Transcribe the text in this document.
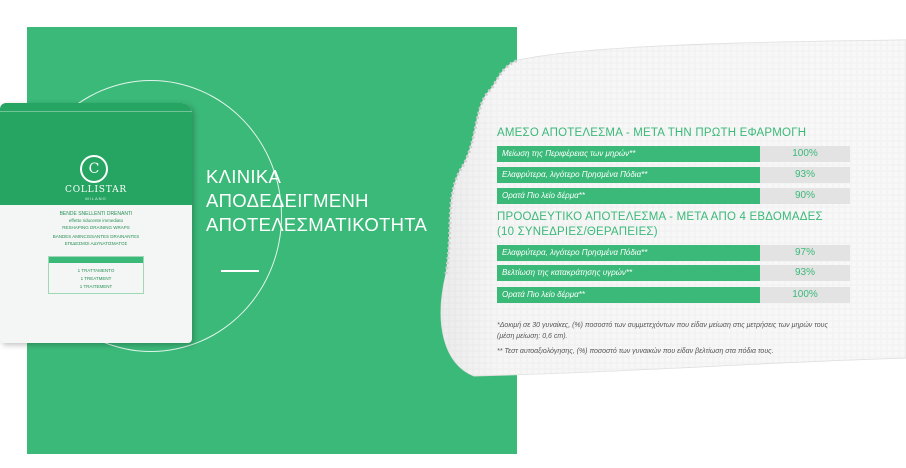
C
COLLISTAR
MILANO
BENDE SNELLENTI DRENANTI
effetto riducente immediato
RESHAPING DRAINING WRAPS
BANDES AMINCISSANTES DRAINANTES
ΕΠΙΔΕΣΜΟΙ ΑΔΥΝΑΤΙΣΜΑΤΟΣ
1 TRATTAMENTO
1 TREATMENT
1 TRAITEMENT
ΚΛΙΝΙΚΑ
ΑΠΟΔΕΔΕΙΓΜΕΝΗ
ΑΠΟΤΕΛΕΣΜΑΤΙΚΟΤΗΤΑ
ΑΜΕΣΟ ΑΠΟΤΕΛΕΣΜΑ - ΜΕΤΑ ΤΗΝ ΠΡΩΤΗ ΕΦΑΡΜΟΓΗ
Μείωση της Περιφέρειας των μηρών**	100%
Ελαφρύτερα, λιγότερο Πρησμένα Πόδια**	93%
Ορατά Πιο λείο δέρμα**	90%
ΠΡΟΟΔΕΥΤΙΚΟ ΑΠΟΤΕΛΕΣΜΑ - ΜΕΤΑ ΑΠΟ 4 ΕΒΔΟΜΑΔΕΣ
(10 ΣΥΝΕΔΡΙΕΣ/ΘΕΡΑΠΕΙΕΣ)
Ελαφρύτερα, λιγότερο Πρησμένα Πόδια**	97%
Βελτίωση της κατακράτησης υγρών**	93%
Ορατά Πιο λείο δέρμα**	100%
*Δοκιμή σε 30 γυναίκες, (%) ποσοστό των συμμετεχόντων που είδαν μείωση στις μετρήσεις των μηρών τους (μέση μείωση: 0,6 cm).
** Τεστ αυτοαξιολόγησης, (%) ποσοστό των γυναικών που είδαν βελτίωση στα πόδια τους.
